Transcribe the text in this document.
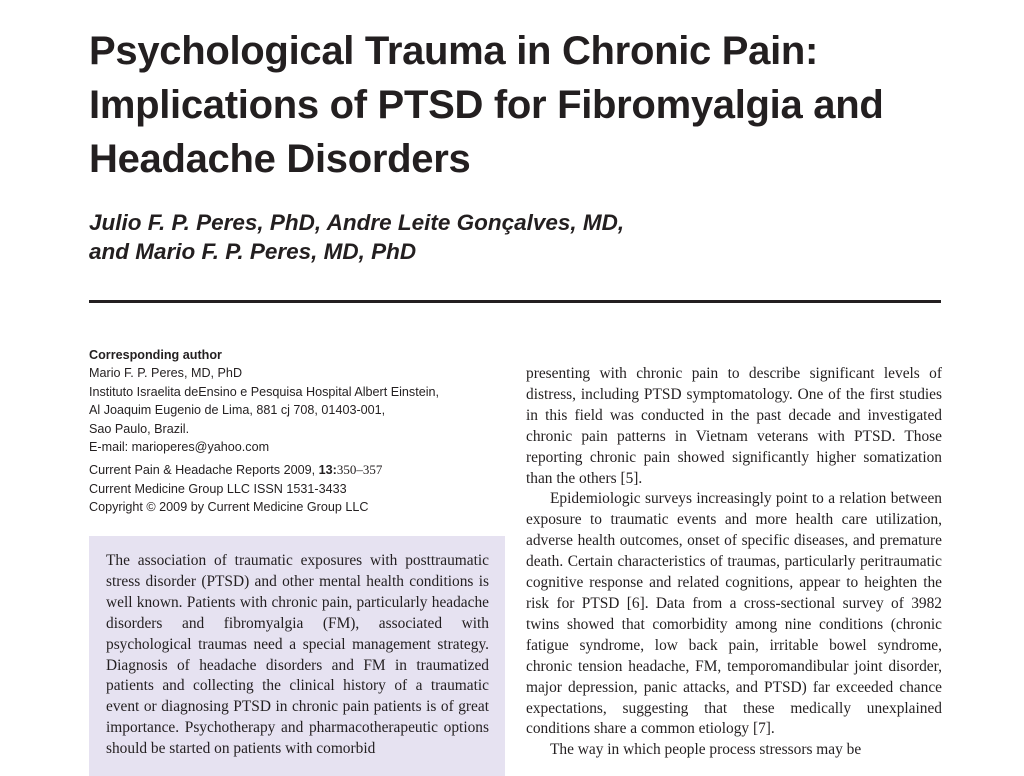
Psychological Trauma in Chronic Pain: Implications of PTSD for Fibromyalgia and Headache Disorders
Julio F. P. Peres, PhD, Andre Leite Gonçalves, MD,
and Mario F. P. Peres, MD, PhD
Corresponding author
Mario F. P. Peres, MD, PhD
Instituto Israelita deEnsino e Pesquisa Hospital Albert Einstein,
Al Joaquim Eugenio de Lima, 881 cj 708, 01403-001,
Sao Paulo, Brazil.
E-mail: marioperes@yahoo.com
Current Pain & Headache Reports 2009, 13:350–357
Current Medicine Group LLC ISSN 1531-3433
Copyright © 2009 by Current Medicine Group LLC
The association of traumatic exposures with posttraumatic stress disorder (PTSD) and other mental health conditions is well known. Patients with chronic pain, particularly headache disorders and fibromyalgia (FM), associated with psychological traumas need a special management strategy. Diagnosis of headache disorders and FM in traumatized patients and collecting the clinical history of a traumatic event or diagnosing PTSD in chronic pain patients is of great importance. Psychotherapy and pharmacotherapeutic options should be started on patients with comorbid

presenting with chronic pain to describe significant levels of distress, including PTSD symptomatology. One of the first studies in this field was conducted in the past decade and investigated chronic pain patterns in Vietnam veterans with PTSD. Those reporting chronic pain showed significantly higher somatization than the others [5].

Epidemiologic surveys increasingly point to a relation between exposure to traumatic events and more health care utilization, adverse health outcomes, onset of specific diseases, and premature death. Certain characteristics of traumas, particularly peritraumatic cognitive response and related cognitions, appear to heighten the risk for PTSD [6]. Data from a cross-sectional survey of 3982 twins showed that comorbidity among nine conditions (chronic fatigue syndrome, low back pain, irritable bowel syndrome, chronic tension headache, FM, temporomandibular joint disorder, major depression, panic attacks, and PTSD) far exceeded chance expectations, suggesting that these medically unexplained conditions share a common etiology [7].

The way in which people process stressors may be
